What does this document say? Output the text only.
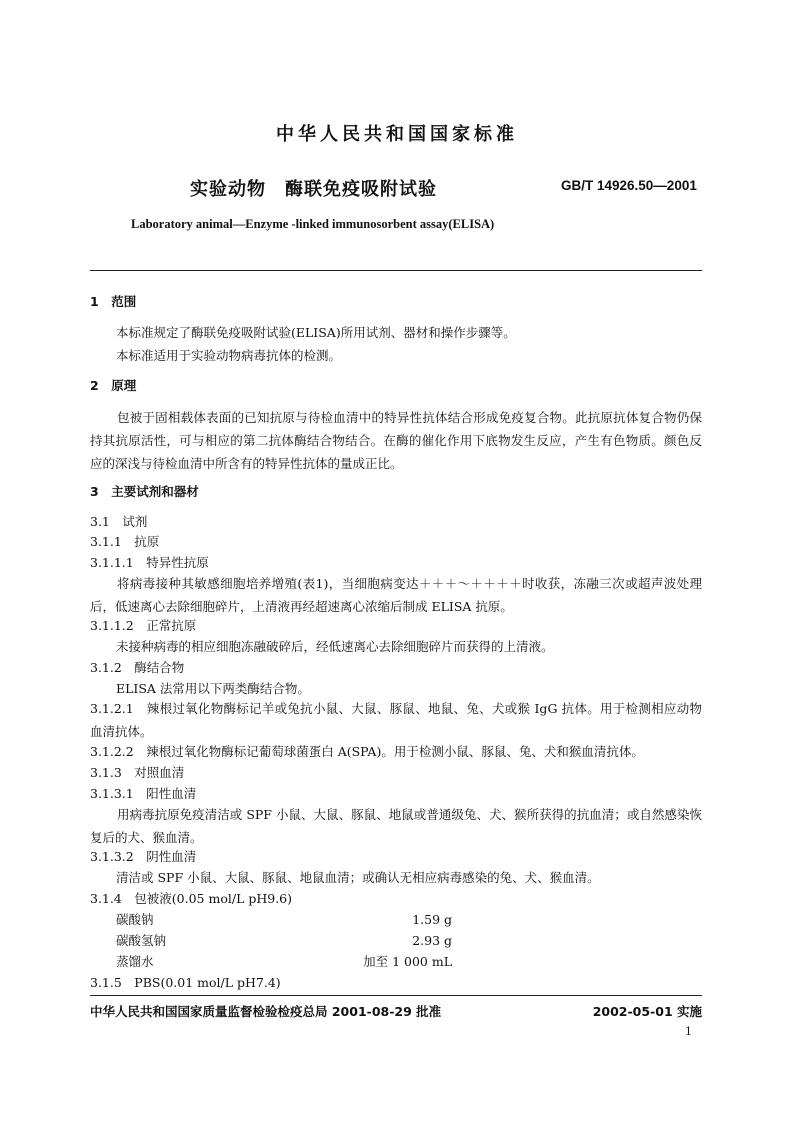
中华人民共和国国家标准
实验动物　酶联免疫吸附试验	GB/T 14926.50—2001
Laboratory animal—Enzyme -linked immunosorbent assay(ELISA)
1　范围
本标准规定了酶联免疫吸附试验(ELISA)所用试剂、器材和操作步骤等。
本标准适用于实验动物病毒抗体的检测。
2　原理
包被于固相载体表面的已知抗原与待检血清中的特异性抗体结合形成免疫复合物。此抗原抗体复合物仍保持其抗原活性，可与相应的第二抗体酶结合物结合。在酶的催化作用下底物发生反应，产生有色物质。颜色反应的深浅与待检血清中所含有的特异性抗体的量成正比。
3　主要试剂和器材
3.1　试剂
3.1.1　抗原
3.1.1.1　特异性抗原
将病毒接种其敏感细胞培养增殖(表1)，当细胞病变达＋＋＋～＋＋＋＋时收获，冻融三次或超声波处理后，低速离心去除细胞碎片，上清液再经超速离心浓缩后制成 ELISA 抗原。
3.1.1.2　正常抗原
未接种病毒的相应细胞冻融破碎后，经低速离心去除细胞碎片而获得的上清液。
3.1.2　酶结合物
ELISA 法常用以下两类酶结合物。
3.1.2.1　辣根过氧化物酶标记羊或兔抗小鼠、大鼠、豚鼠、地鼠、兔、犬或猴 IgG 抗体。用于检测相应动物血清抗体。
3.1.2.2　辣根过氧化物酶标记葡萄球菌蛋白 A(SPA)。用于检测小鼠、豚鼠、兔、犬和猴血清抗体。
3.1.3　对照血清
3.1.3.1　阳性血清
用病毒抗原免疫清洁或 SPF 小鼠、大鼠、豚鼠、地鼠或普通级兔、犬、猴所获得的抗血清；或自然感染恢复后的犬、猴血清。
3.1.3.2　阴性血清
清洁或 SPF 小鼠、大鼠、豚鼠、地鼠血清；或确认无相应病毒感染的兔、犬、猴血清。
3.1.4　包被液(0.05 mol/L pH9.6)
碳酸钠	1.59 g
碳酸氢钠	2.93 g
蒸馏水	加至 1 000 mL
3.1.5　PBS(0.01 mol/L pH7.4)
中华人民共和国国家质量监督检验检疫总局 2001-08-29 批准	2002-05-01 实施
1
